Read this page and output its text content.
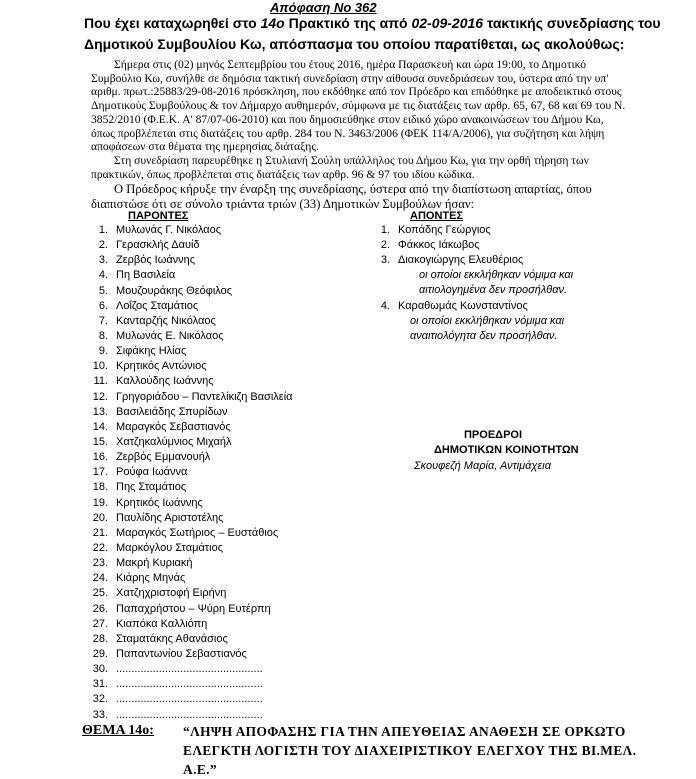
Απόφαση Νο 362
Που έχει καταχωρηθεί στο 14ο Πρακτικό της από 02-09-2016 τακτικής συνεδρίασης του
Δημοτικού Συμβουλίου Κω, απόσπασμα του οποίου παρατίθεται, ως ακολούθως:
Σήμερα στις (02) μηνός Σεπτεμβρίου του έτους 2016, ημέρα Παρασκευή και ώρα 19:00, το Δημοτικό
Συμβούλιο Κω, συνήλθε σε δημόσια τακτική συνεδρίαση στην αίθουσα συνεδριάσεων του, ύστερα από την υπ'
αριθμ. πρωτ.:25883/29-08-2016 πρόσκληση, που εκδόθηκε από τον Πρόεδρο και επιδόθηκε με αποδεικτικό στους
Δημοτικούς Συμβούλους & τον Δήμαρχο αυθημερόν, σύμφωνα με τις διατάξεις των αρθρ. 65, 67, 68 και 69 του Ν.
3852/2010 (Φ.Ε.Κ. Α' 87/07-06-2010) και που δημοσιεύθηκε στον ειδικό χώρο ανακοινώσεων του Δήμου Κω,
όπως προβλέπεται στις διατάξεις του αρθρ. 284 του Ν. 3463/2006 (ΦΕΚ 114/Α/2006), για συζήτηση και λήψη
αποφάσεων στα θέματα της ημερησίας διάταξης.
Στη συνεδρίαση παρευρέθηκε η Στυλιανή Σούλη υπάλληλος του Δήμου Κω, για την ορθή τήρηση των
πρακτικών, όπως προβλέπεται στις διατάξεις των αρθρ. 96 & 97 του ιδίου κώδικα.
Ο Πρόεδρος κήρυξε την έναρξη της συνεδρίασης, ύστερα από την διαπίστωση απαρτίας, όπου
διαπιστώσε ότι σε σύνολο τριάντα τριών (33) Δημοτικών Συμβούλων ήσαν:
ΠΑΡΟΝΤΕΣ	ΑΠΟΝΤΕΣ
1. Μυλωνάς Γ. Νικόλαος
2. Γερασκλής Δαυίδ
3. Ζερβός Ιωάννης
4. Πη Βασιλεία
5. Μουζουράκης Θεόφιλος
6. Λοΐζος Σταμάτιος
7. Κανταρζής Νικόλαος
8. Μυλωνάς Ε. Νικόλαος
9. Σιφάκης Ηλίας
10. Κρητικός Αντώνιος
11. Καλλούδης Ιωάννης
12. Γρηγοριάδου – Παντελίκιζη Βασιλεία
13. Βασιλειάδης Σπυρίδων
14. Μαραγκός Σεβαστιανός
15. Χατζηκαλύμνιος Μιχαήλ
16. Ζερβός Εμμανουήλ
17. Ρούφα Ιωάννα
18. Πης Σταμάτιος
19. Κρητικός Ιωάννης
20. Παυλίδης Αριστοτέλης
21. Μαραγκός Σωτήριος – Ευστάθιος
22. Μαρκόγλου Σταμάτιος
23. Μακρή Κυριακή
24. Κιάρης Μηνάς
25. Χατζηχριστοφή Ειρήνη
26. Παπαχρήστου – Ψύρη Ευτέρπη
27. Κιαπόκα Καλλιόπη
28. Σταματάκης Αθανάσιος
29. Παπαντωνίου Σεβαστιανός
30. ................................................
31. ................................................
32. ................................................
33. ................................................
1. Κοπάδης Γεώργιος
2. Φάκκος Ιάκωβος
3. Διακογιώργης Ελευθέριος
οι οποίοι εκκλήθηκαν νόμιμα και
αιτιολογημένα δεν προσήλθαν.
4. Καραθωμάς Κωνσταντίνος
οι οποίοι εκκλήθηκαν νόμιμα και
αναιτιολόγητα δεν προσήλθαν.
ΠΡΟΕΔΡΟΙ
ΔΗΜΟΤΙΚΩΝ ΚΟΙΝΟΤΗΤΩΝ
Σκουφεζή Μαρία, Αντιμάχεια
ΘΕΜΑ 14ο: “ΛΗΨΗ ΑΠΟΦΑΣΗΣ ΓΙΑ ΤΗΝ ΑΠΕΥΘΕΙΑΣ ΑΝΑΘΕΣΗ ΣΕ ΟΡΚΩΤΟ
ΕΛΕΓΚΤΗ ΛΟΓΙΣΤΗ ΤΟΥ ΔΙΑΧΕΙΡΙΣΤΙΚΟΥ ΕΛΕΓΧΟΥ ΤΗΣ ΒΙ.ΜΕΛ.
Α.Ε.”
